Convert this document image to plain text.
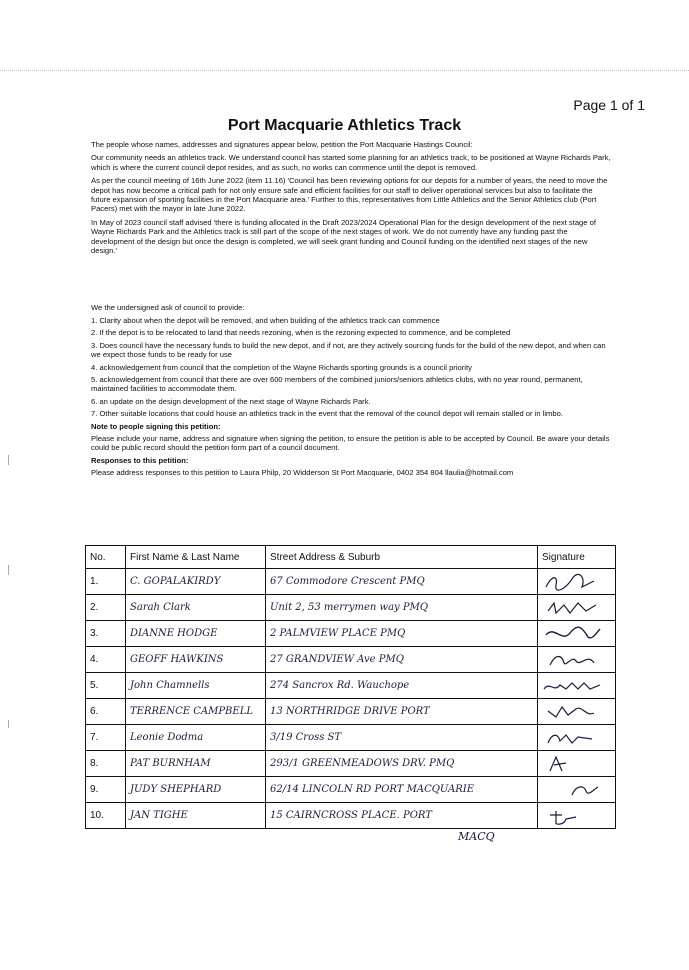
Page 1 of 1
Port Macquarie Athletics Track

The people whose names, addresses and signatures appear below, petition the Port Macquarie Hastings Council:

Our community needs an athletics track. We understand council has started some planning for an athletics track, to be positioned at Wayne Richards Park, which is where the current council depot resides, and as such, no works can commence until the depot is removed.

As per the council meeting of 16th June 2022 (item 11.16) 'Council has been reviewing options for our depots for a number of years, the need to move the depot has now become a critical path for not only ensure safe and efficient facilities for our staff to deliver operational services but also to facilitate the future expansion of sporting facilities in the Port Macquarie area.' Further to this, representatives from Little Athletics and the Senior Athletics club (Port Pacers) met with the mayor in late June 2022.

In May of 2023 council staff advised 'there is funding allocated in the Draft 2023/2024 Operational Plan for the design development of the next stage of Wayne Richards Park and the Athletics track is still part of the scope of the next stages of work. We do not currently have any funding past the development of the design but once the design is completed, we will seek grant funding and Council funding on the identified next stages of the new design.'

We the undersigned ask of council to provide:

1. Clarity about when the depot will be removed, and when building of the athletics track can commence

2. If the depot is to be relocated to land that needs rezoning, when is the rezoning expected to commence, and be completed

3. Does council have the necessary funds to build the new depot, and if not, are they actively sourcing funds for the build of the new depot, and when can we expect those funds to be ready for use

4. acknowledgement from council that the completion of the Wayne Richards sporting grounds is a council priority

5. acknowledgement from council that there are over 600 members of the combined juniors/seniors athletics clubs, with no year round, permanent, maintained facilities to accommodate them.

6. an update on the design development of the next stage of Wayne Richards Park.

7. Other suitable locations that could house an athletics track in the event that the removal of the council depot will remain stalled or in limbo.

Note to people signing this petition:

Please include your name, address and signature when signing the petition, to ensure the petition is able to be accepted by Council. Be aware your details could be public record should the petition form part of a council document.

Responses to this petition:

Please address responses to this petition to Laura Philp, 20 Widderson St Port Macquarie, 0402 354 804 llaulia@hotmail.com

No.	First Name & Last Name	Street Address & Suburb	Signature
1.	C. GOPALAKIRDY	67 Commodore Crescent PMQ	

2.	Sarah Clark	Unit 2, 53 merrymen way PMQ	

3.	DIANNE HODGE	2 PALMVIEW PLACE PMQ	

4.	GEOFF HAWKINS	27 GRANDVIEW Ave PMQ	

5.	John Chamnells	274 Sancrox Rd. Wauchope	

6.	TERRENCE CAMPBELL	13 NORTHRIDGE DRIVE PORT	

7.	Leonie Dodma	3/19 Cross ST	

8.	PAT BURNHAM	293/1 GREENMEADOWS DRV. PMQ	

9.	JUDY SHEPHARD	62/14 LINCOLN RD PORT MACQUARIE	

10.	JAN TIGHE	15 CAIRNCROSS PLACE. PORT	
MACQ
